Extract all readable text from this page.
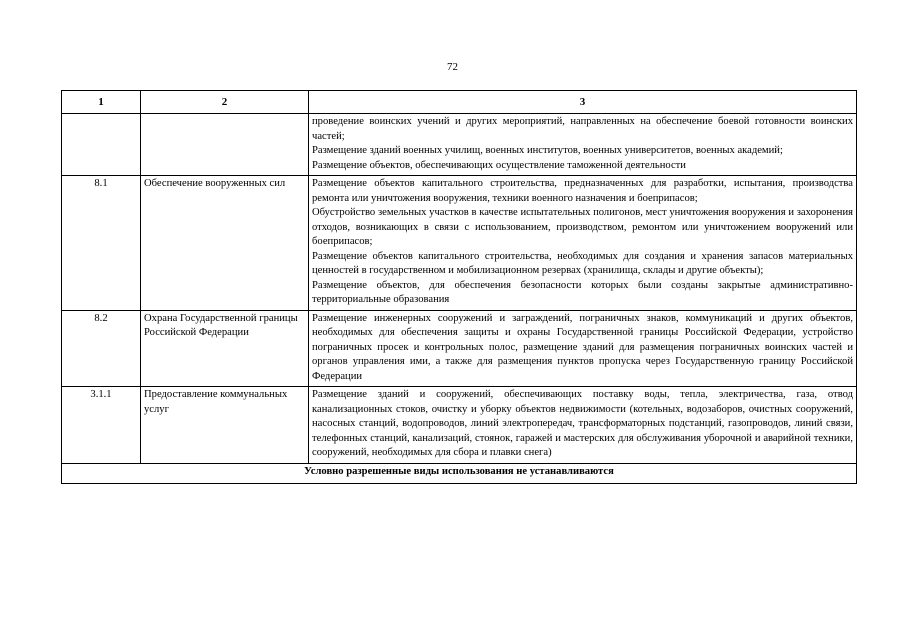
72
1	2	3

		проведение воинских учений и других мероприятий, направленных на обеспечение боевой готовности воинских частей;

Размещение зданий военных училищ, военных институтов, военных университетов, военных академий;

Размещение объектов, обеспечивающих осуществление таможенной деятельности

8.1	Обеспечение вооруженных сил	Размещение объектов капитального строительства, предназначенных для разработки, испытания, производства ремонта или уничтожения вооружения, техники военного назначения и боеприпасов;

Обустройство земельных участков в качестве испытательных полигонов, мест уничтожения вооружения и захоронения отходов, возникающих в связи с использованием, производством, ремонтом или уничтожением вооружений или боеприпасов;

Размещение объектов капитального строительства, необходимых для создания и хранения запасов материальных ценностей в государственном и мобилизационном резервах (хранилища, склады и другие объекты);

Размещение объектов, для обеспечения безопасности которых были созданы закрытые административно-территориальные образования

8.2	Охрана Государственной границы Российской Федерации	Размещение инженерных сооружений и заграждений, пограничных знаков, коммуникаций и других объектов, необходимых для обеспечения защиты и охраны Государственной границы Российской Федерации, устройство пограничных просек и контрольных полос, размещение зданий для размещения пограничных воинских частей и органов управления ими, а также для размещения пунктов пропуска через Государственную границу Российской Федерации

3.1.1	Предоставление коммунальных услуг	Размещение зданий и сооружений, обеспечивающих поставку воды, тепла, электричества, газа, отвод канализационных стоков, очистку и уборку объектов недвижимости (котельных, водозаборов, очистных сооружений, насосных станций, водопроводов, линий электропередач, трансформаторных подстанций, газопроводов, линий связи, телефонных станций, канализаций, стоянок, гаражей и мастерских для обслуживания уборочной и аварийной техники, сооружений, необходимых для сбора и плавки снега)

Условно разрешенные виды использования не устанавливаются		
